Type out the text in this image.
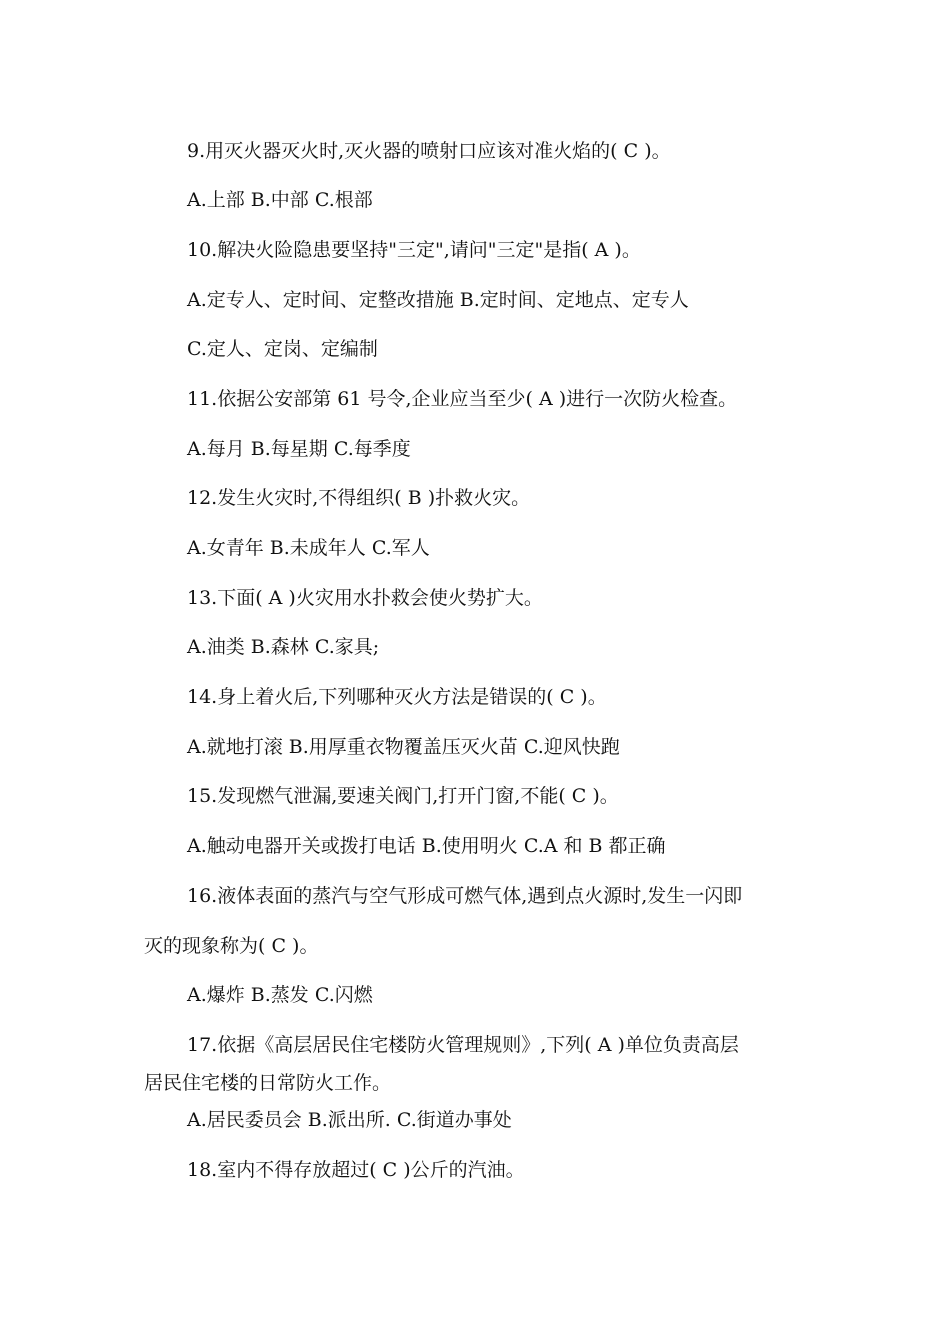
9.用灭火器灭火时,灭火器的喷射口应该对准火焰的( C )。
A.上部 B.中部 C.根部
10.解决火险隐患要坚持"三定",请问"三定"是指( A )。
A.定专人、定时间、定整改措施 B.定时间、定地点、定专人
C.定人、定岗、定编制
11.依据公安部第 61 号令,企业应当至少( A )进行一次防火检查。
A.每月 B.每星期 C.每季度
12.发生火灾时,不得组织( B )扑救火灾。
A.女青年 B.未成年人 C.军人
13.下面( A )火灾用水扑救会使火势扩大。
A.油类 B.森林 C.家具;
14.身上着火后,下列哪种灭火方法是错误的( C )。
A.就地打滚 B.用厚重衣物覆盖压灭火苗 C.迎风快跑
15.发现燃气泄漏,要速关阀门,打开门窗,不能( C )。
A.触动电器开关或拨打电话 B.使用明火 C.A 和 B 都正确
16.液体表面的蒸汽与空气形成可燃气体,遇到点火源时,发生一闪即
灭的现象称为( C )。
A.爆炸 B.蒸发 C.闪燃
17.依据《高层居民住宅楼防火管理规则》,下列( A )单位负责高层
居民住宅楼的日常防火工作。
A.居民委员会 B.派出所. C.街道办事处
18.室内不得存放超过( C )公斤的汽油。
